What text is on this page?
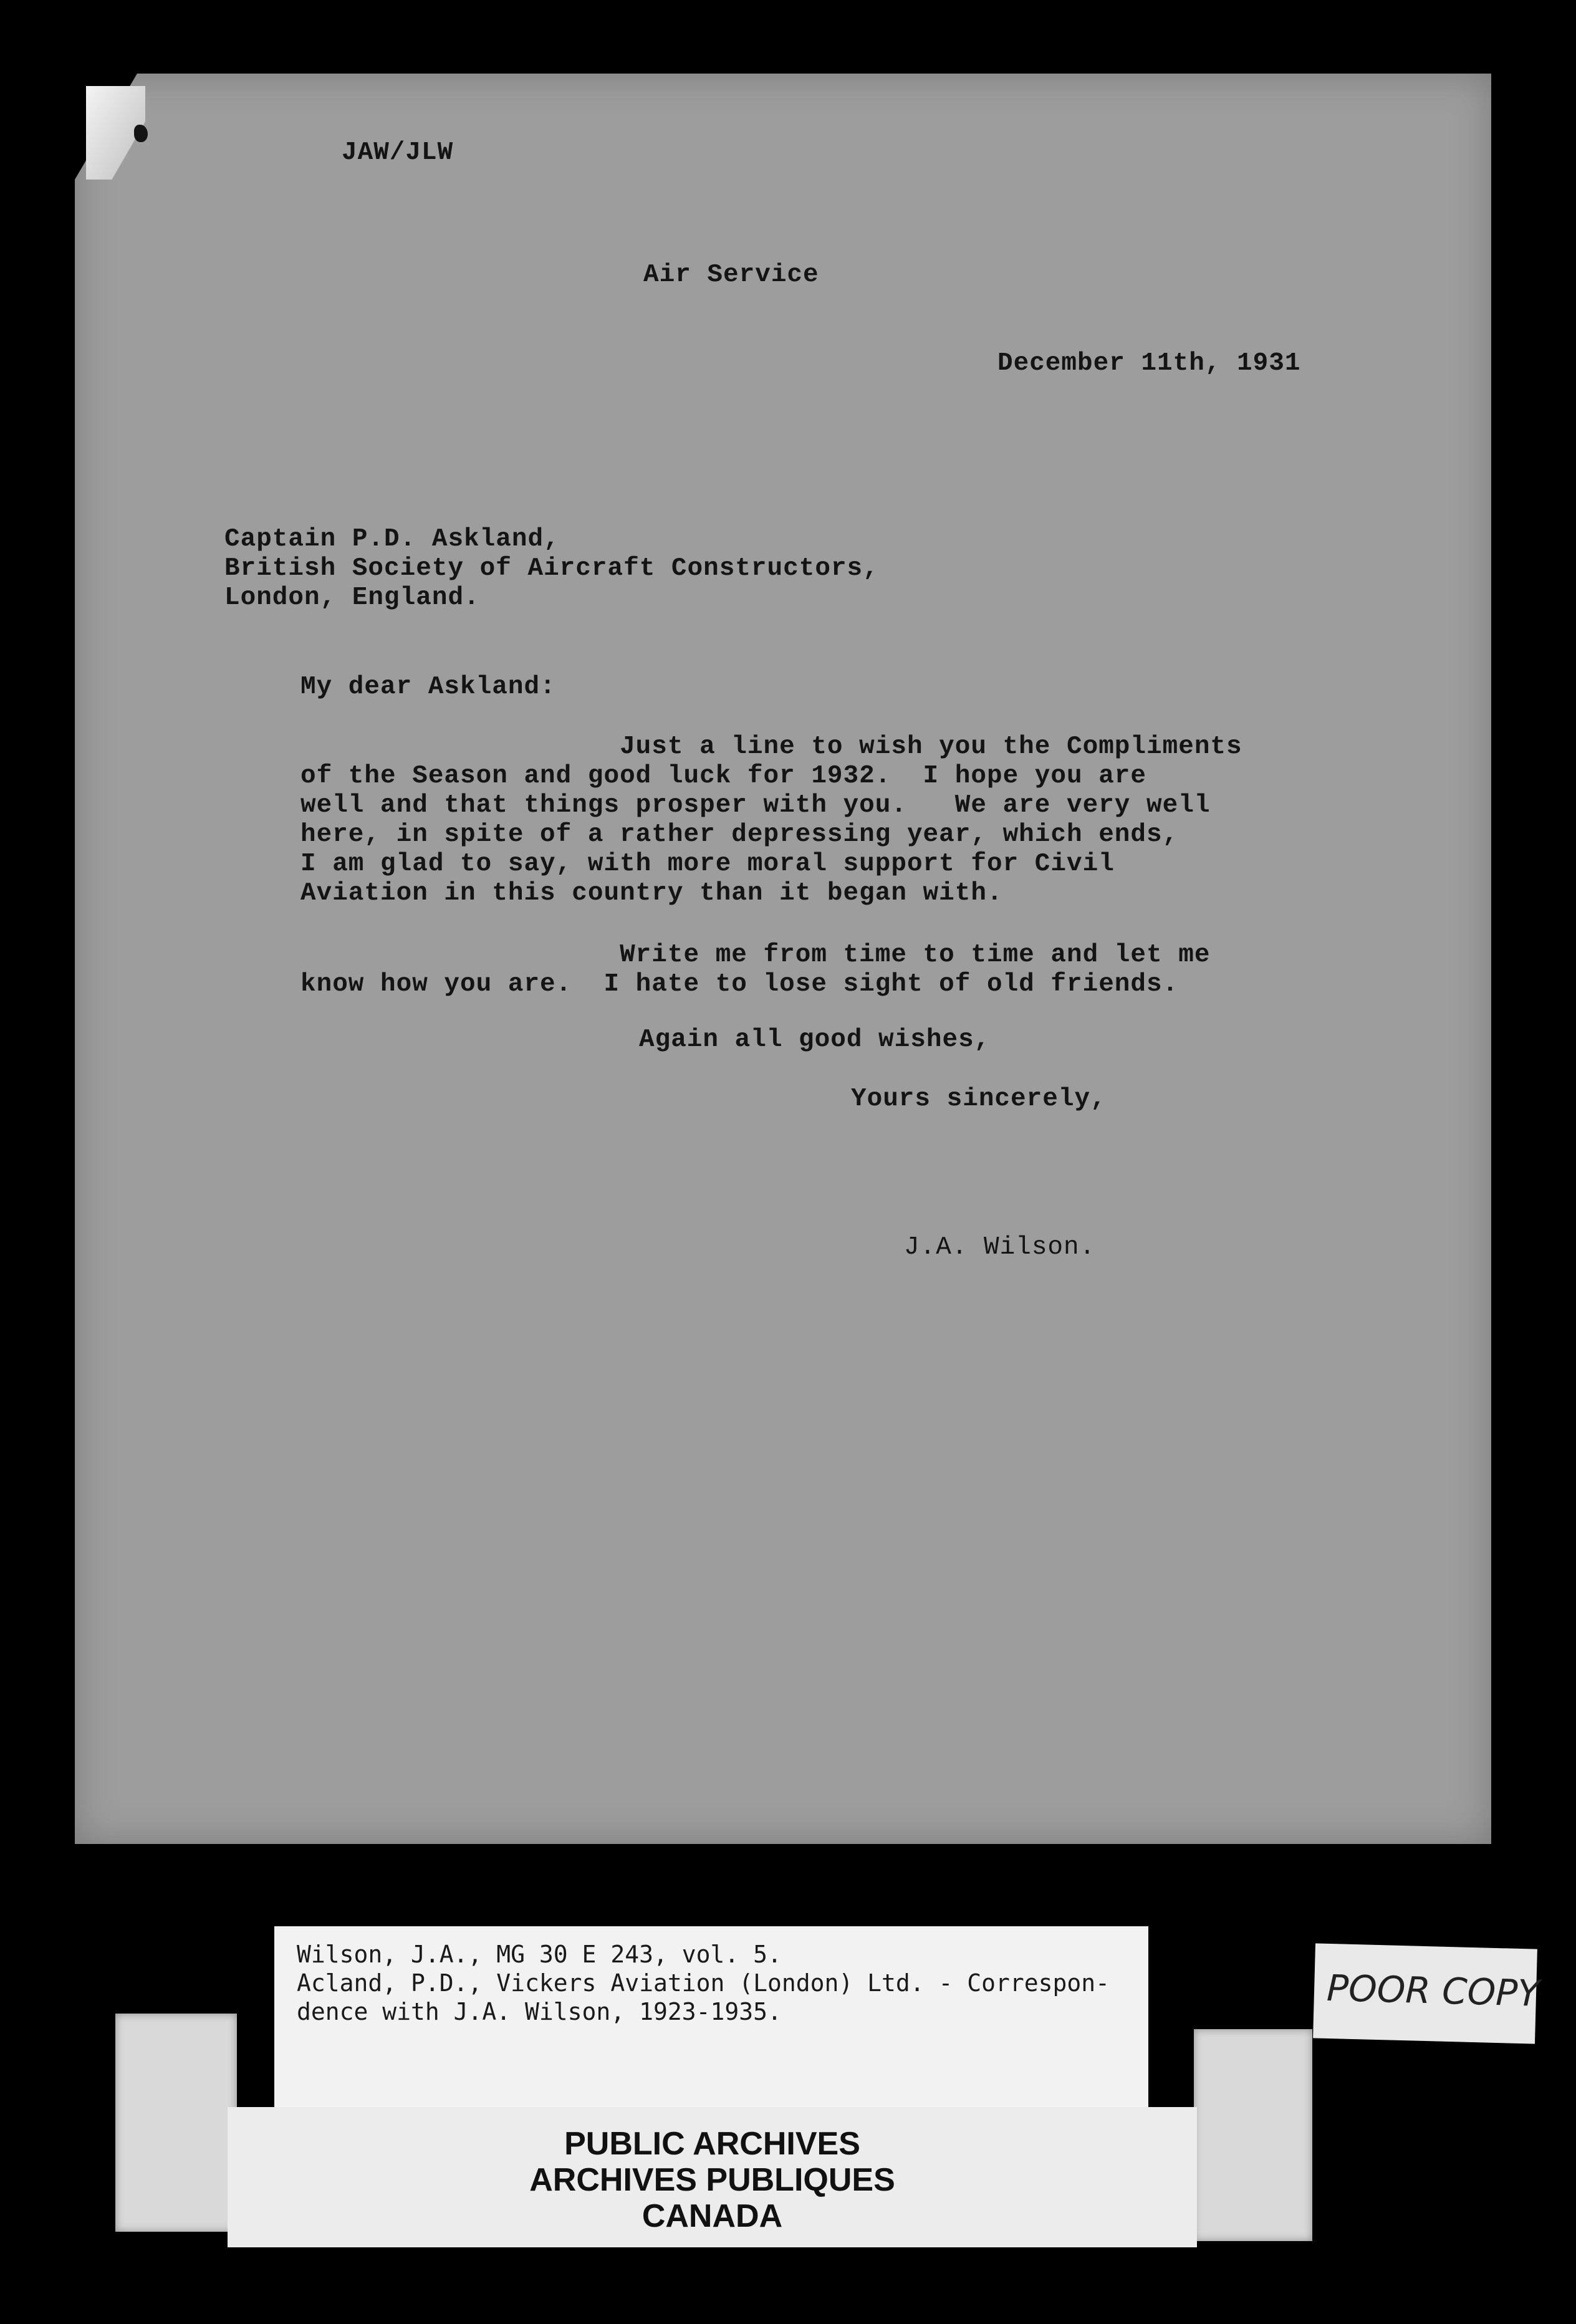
JAW/JLW
Air Service
December 11th, 1931
Captain P.D. Askland,
British Society of Aircraft Constructors,
London, England.
My dear Askland:
Just a line to wish you the Compliments
of the Season and good luck for 1932.  I hope you are
well and that things prosper with you.   We are very well
here, in spite of a rather depressing year, which ends,
I am glad to say, with more moral support for Civil
Aviation in this country than it began with.
Write me from time to time and let me
know how you are.  I hate to lose sight of old friends.
Again all good wishes,
Yours sincerely,
J.A. Wilson.
Wilson, J.A., MG 30 E 243, vol. 5.
Acland, P.D., Vickers Aviation (London) Ltd. - Correspon-
dence with J.A. Wilson, 1923-1935.
PUBLIC ARCHIVES
ARCHIVES PUBLIQUES
CANADA
POOR COPY
